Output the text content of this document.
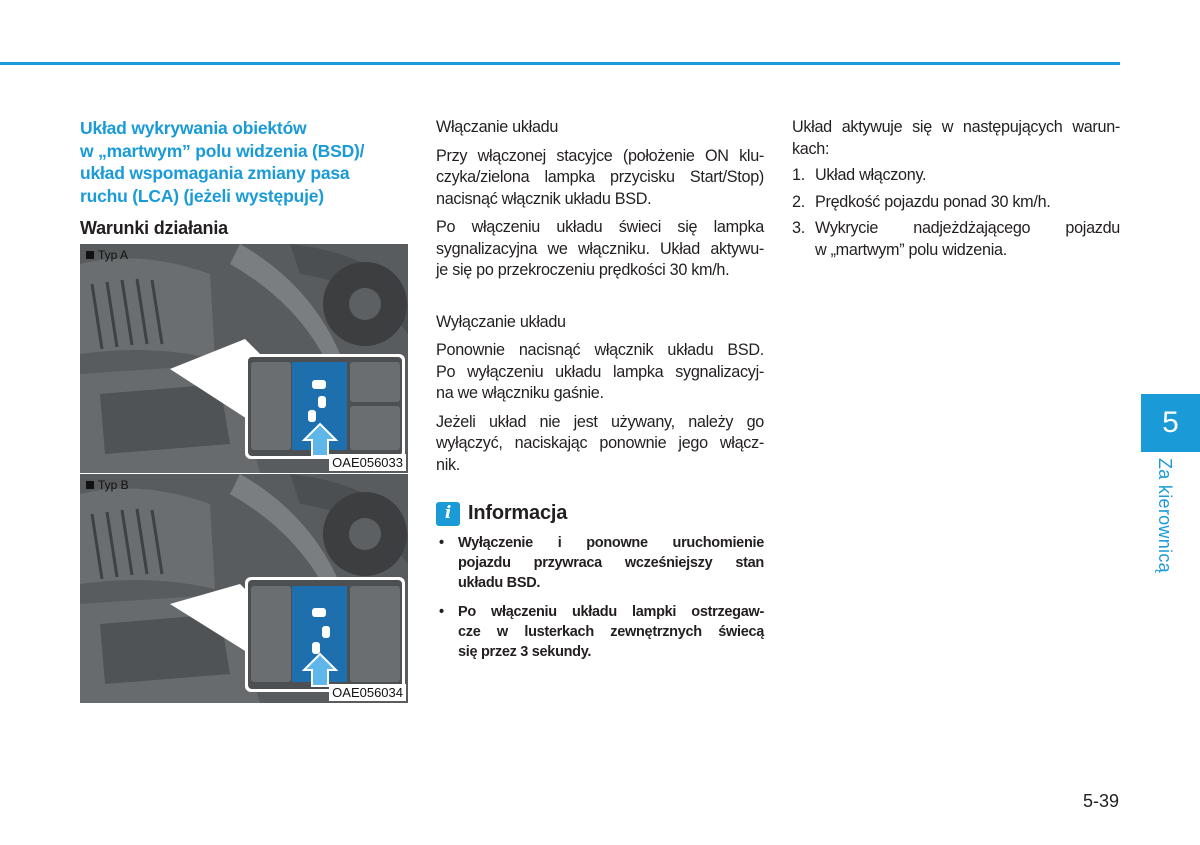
Układ wykrywania obiektów
w „martwym” polu widzenia (BSD)/
układ wspomagania zmiany pasa
ruchu (LCA) (jeżeli występuje)
Warunki działania
Typ A
OAE056033
Typ B
OAE056034
Włączanie układu
Przy włączonej stacyjce (położenie ON klu-
czyka/zielona lampka przycisku Start/Stop)
nacisnąć włącznik układu BSD.
Po włączeniu układu świeci się lampka
sygnalizacyjna we włączniku. Układ aktywu-
je się po przekroczeniu prędkości 30 km/h.
Wyłączanie układu
Ponownie nacisnąć włącznik układu BSD.
Po wyłączeniu układu lampka sygnalizacyj-
na we włączniku gaśnie.
Jeżeli układ nie jest używany, należy go
wyłączyć, naciskając ponownie jego włącz-
nik.
i Informacja
• Wyłączenie i ponowne uruchomienie
pojazdu przywraca wcześniejszy stan
układu BSD.
• Po włączeniu układu lampki ostrzegaw-
cze w lusterkach zewnętrznych świecą
się przez 3 sekundy.
Układ aktywuje się w następujących warun-
kach:
1. Układ włączony.
2. Prędkość pojazdu ponad 30 km/h.
3. Wykrycie nadjeżdżającego pojazdu
w „martwym” polu widzenia.
5
Za kierownicą
5-39
